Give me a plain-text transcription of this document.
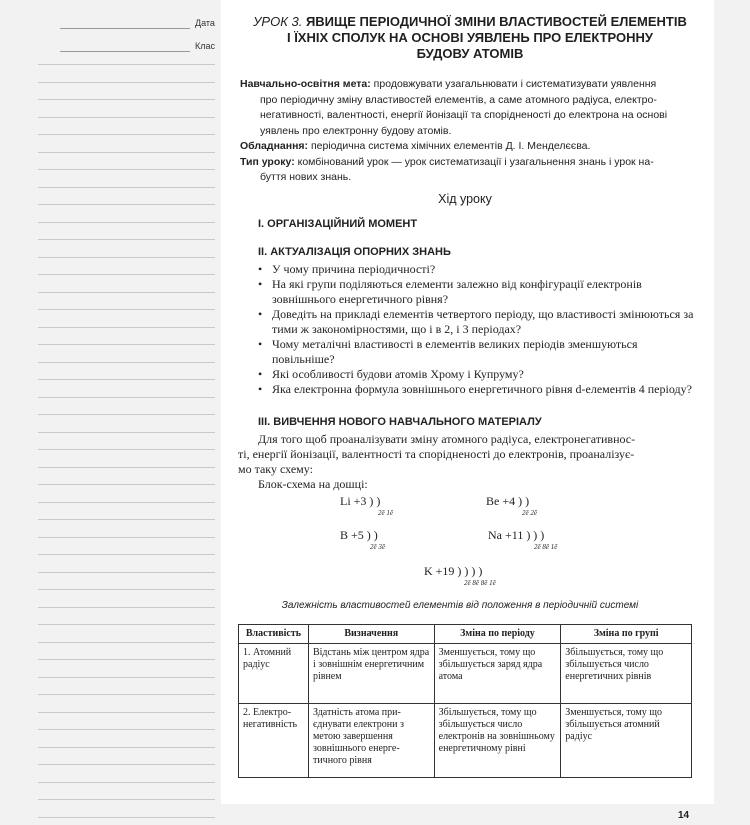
Дата
Клас
УРОК 3. ЯВИЩЕ ПЕРІОДИЧНОЇ ЗМІНИ ВЛАСТИВОСТЕЙ ЕЛЕМЕНТІВ
І ЇХНІХ СПОЛУК НА ОСНОВІ УЯВЛЕНЬ ПРО ЕЛЕКТРОННУ
БУДОВУ АТОМІВ
Навчально-освітня мета: продовжувати узагальнювати і систематизувати уявлення
про періодичну зміну властивостей елементів, а саме атомного радіуса, електро-
негативності, валентності, енергії йонізації та спорідненості до електрона на основі
уявлень про електронну будову атомів.
Обладнання: періодична система хімічних елементів Д. І. Менделєєва.
Тип уроку: комбінований урок — урок систематизації і узагальнення знань і урок на-
буття нових знань.
Хід уроку
I. ОРГАНІЗАЦІЙНИЙ МОМЕНТ
II. АКТУАЛІЗАЦІЯ ОПОРНИХ ЗНАНЬ
• У чому причина періодичності?
• На які групи поділяються елементи залежно від конфігурації електронів зовнішнього енергетичного рівня?
• Доведіть на прикладі елементів четвертого періоду, що властивості змінюються за тими ж закономірностями, що і в 2, і 3 періодах?
• Чому металічні властивості в елементів великих періодів зменшуються повільніше?
• Які особливості будови атомів Хрому і Купруму?
• Яка електронна формула зовнішнього енергетичного рівня d-елементів 4 періоду?
III. ВИВЧЕННЯ НОВОГО НАВЧАЛЬНОГО МАТЕРІАЛУ
Для того щоб проаналізувати зміну атомного радіуса, електронегативнос-
ті, енергії йонізації, валентності та спорідненості до електронів, проаналізує-
мо таку схему:
Блок-схема на дошці:
Li +3 ) )
2ē 1ē
Be +4 ) )
2ē 2ē
B +5 ) )
2ē 3ē
Na +11 ) ) )
2ē 8ē 1ē
K +19 ) ) ) )
2ē 8ē 8ē 1ē
Залежність властивостей елементів від положення в періодичній системі
Властивість	Визначення	Зміна по періоду	Зміна по групі
1. Атомний радіус	Відстань між центром ядра і зовнішнім енергетичним рівнем	Зменшується, тому що збільшується заряд ядра атома	Збільшується, тому що збільшується число енергетичних рівнів
2. Електронегативність	Здатність атома приєднувати електрони з метою завершення зовнішнього енергетичного рівня	Збільшується, тому що збільшується число електронів на зовнішньому енергетичному рівні	Зменшується, тому що збільшується атомний радіус
14
